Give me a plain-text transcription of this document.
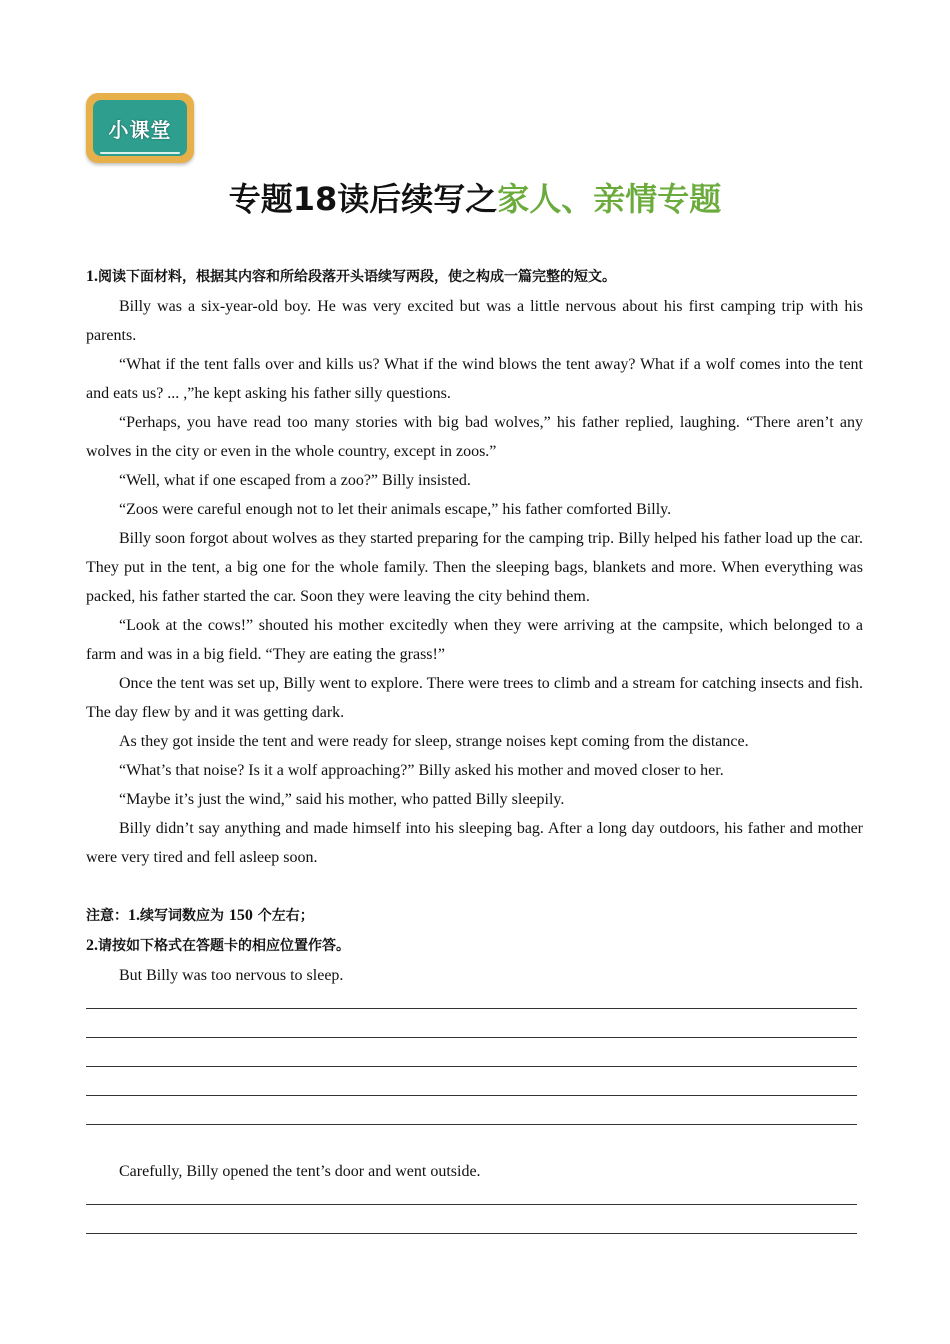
小课堂
专题18读后续写之家人、亲情专题

1.阅读下面材料，根据其内容和所给段落开头语续写两段，使之构成一篇完整的短文。

Billy was a six-year-old boy. He was very excited but was a little nervous about his first camping trip with his parents.

“What if the tent falls over and kills us? What if the wind blows the tent away? What if a wolf comes into the tent and eats us? ... ,”he kept asking his father silly questions.

“Perhaps, you have read too many stories with big bad wolves,” his father replied, laughing. “There aren’t any wolves in the city or even in the whole country, except in zoos.”

“Well, what if one escaped from a zoo?” Billy insisted.

“Zoos were careful enough not to let their animals escape,” his father comforted Billy.

Billy soon forgot about wolves as they started preparing for the camping trip. Billy helped his father load up the car. They put in the tent, a big one for the whole family. Then the sleeping bags, blankets and more. When everything was packed, his father started the car. Soon they were leaving the city behind them.

“Look at the cows!” shouted his mother excitedly when they were arriving at the campsite, which belonged to a farm and was in a big field. “They are eating the grass!”

Once the tent was set up, Billy went to explore. There were trees to climb and a stream for catching insects and fish. The day flew by and it was getting dark.

As they got inside the tent and were ready for sleep, strange noises kept coming from the distance.

“What’s that noise? Is it a wolf approaching?” Billy asked his mother and moved closer to her.

“Maybe it’s just the wind,” said his mother, who patted Billy sleepily.

Billy didn’t say anything and made himself into his sleeping bag. After a long day outdoors, his father and mother were very tired and fell asleep soon.

注意：1.续写词数应为 150 个左右；

2.请按如下格式在答题卡的相应位置作答。

But Billy was too nervous to sleep.

Carefully, Billy opened the tent’s door and went outside.
